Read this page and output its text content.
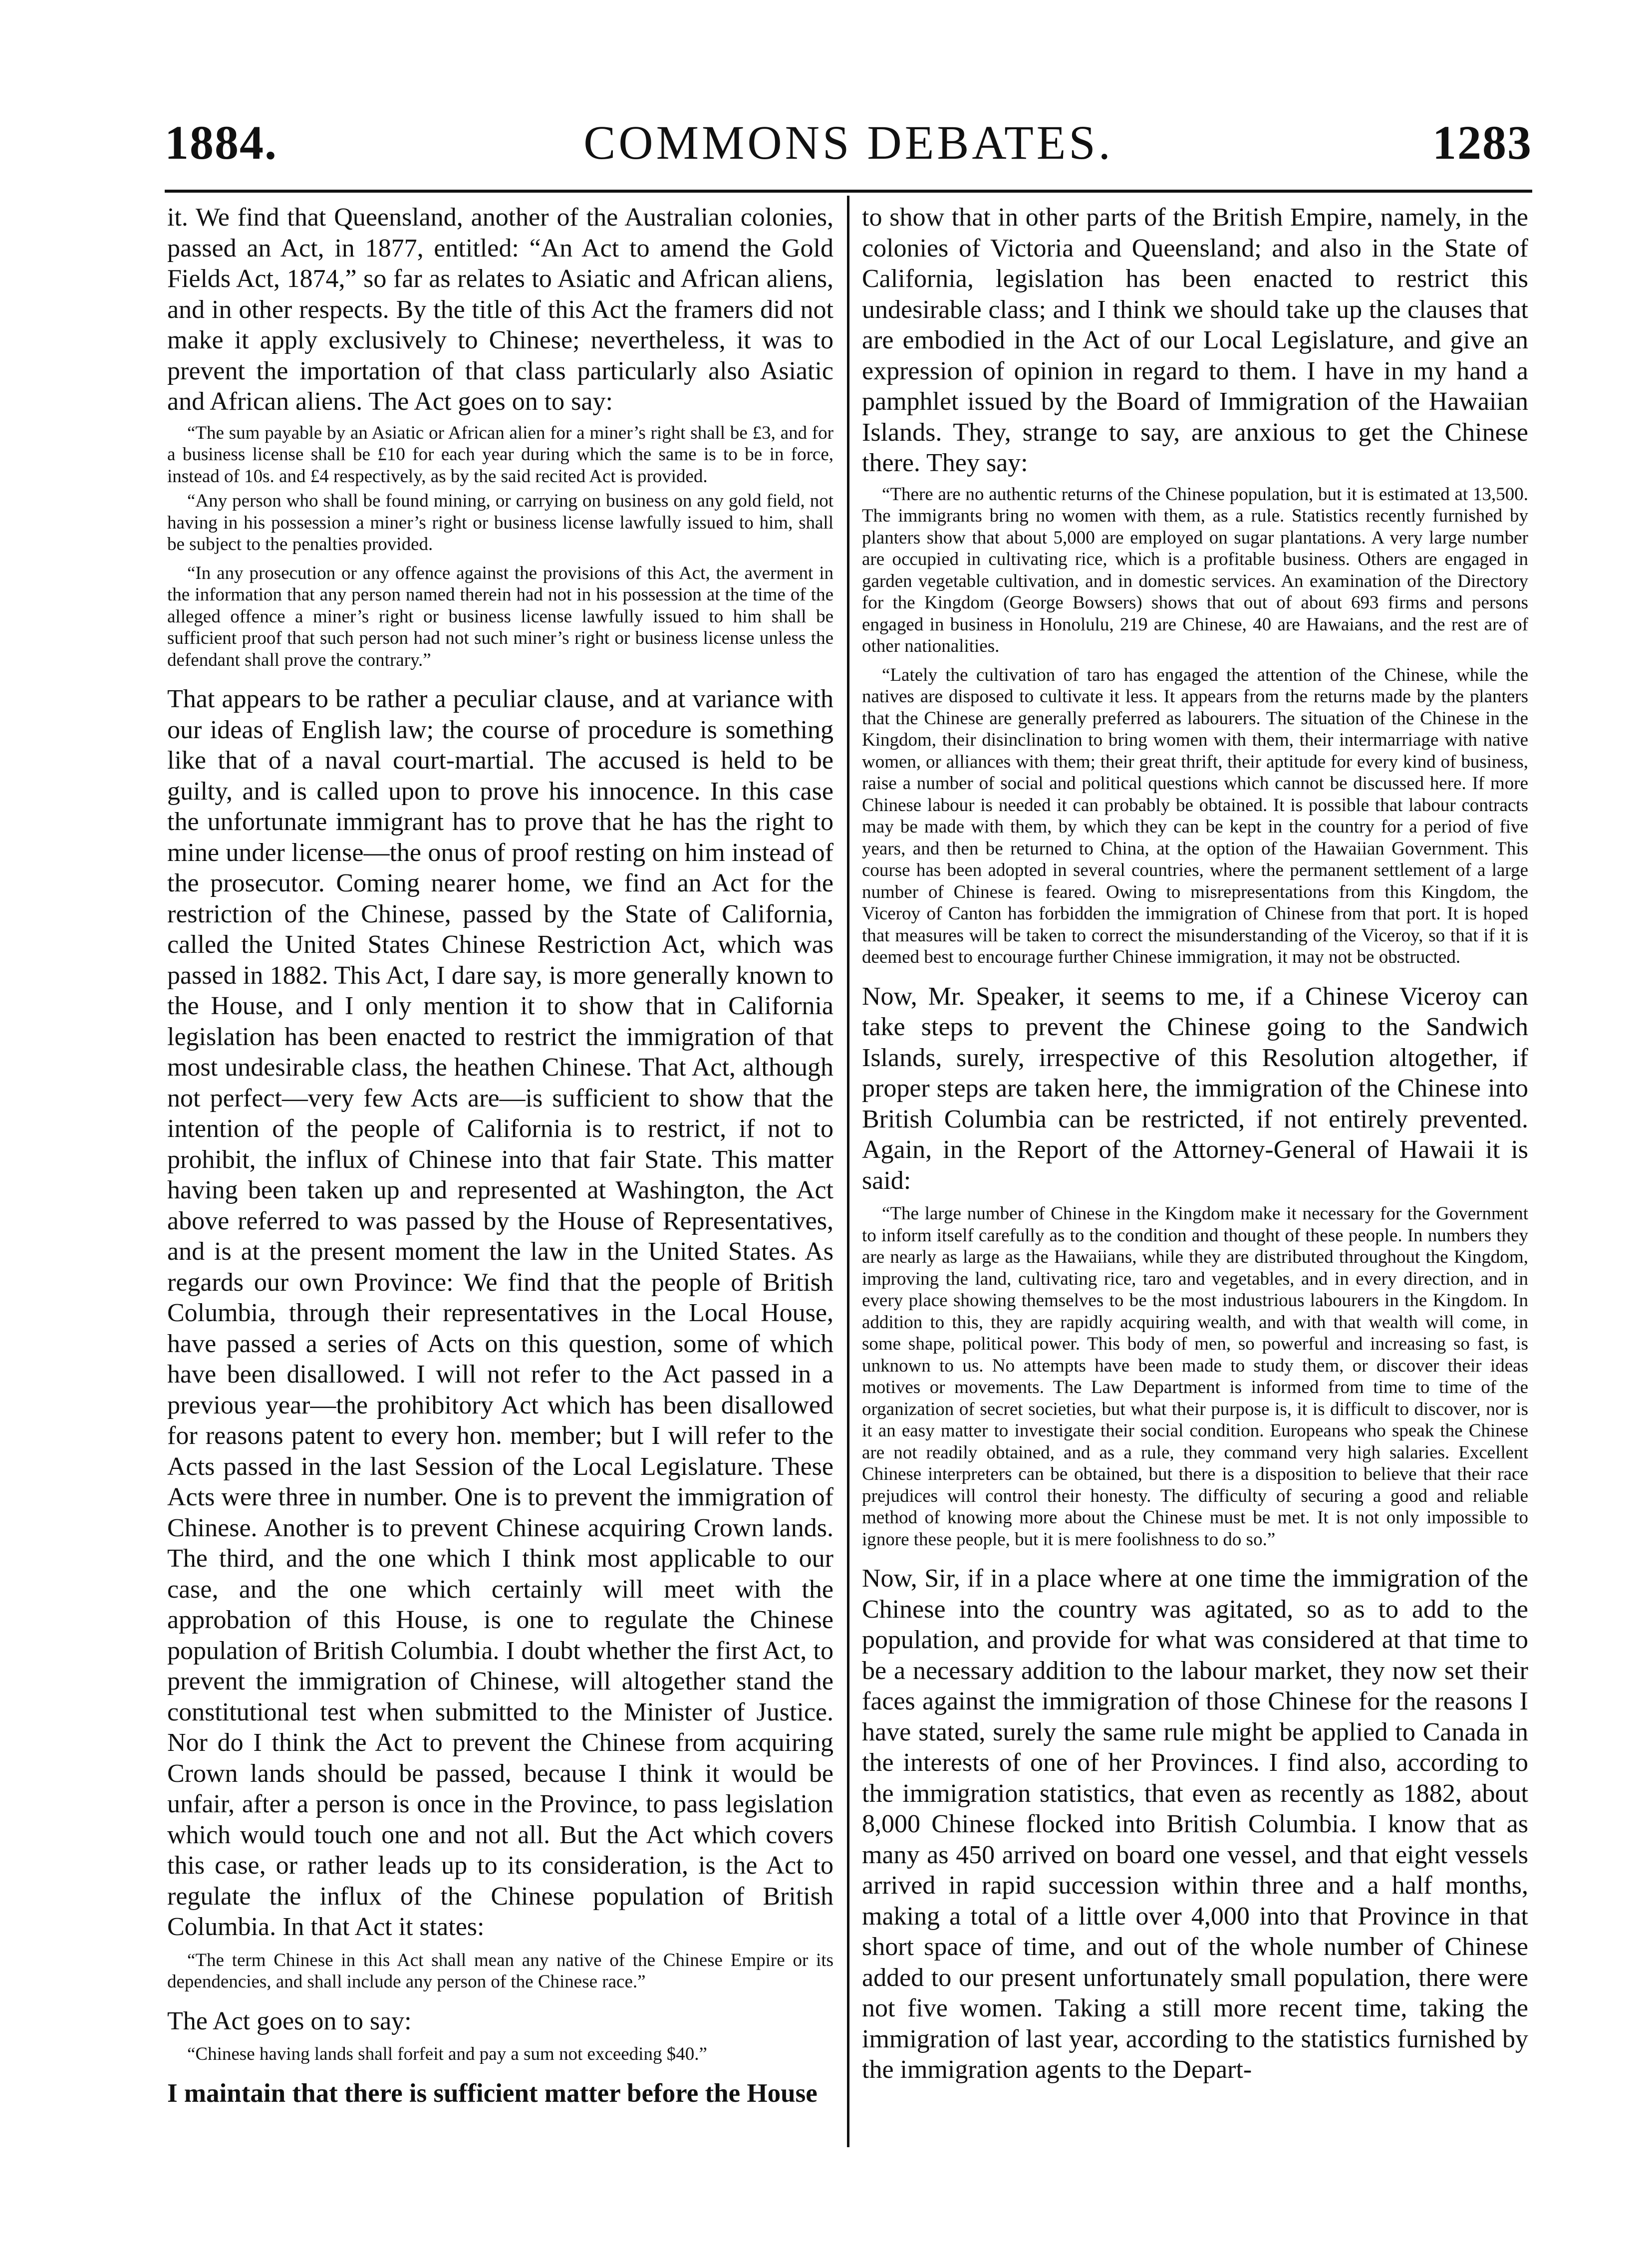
COMMONS DEBATES.
1884.	1283

it. We find that Queensland, another of the Australian colonies, passed an Act, in 1877, entitled: “An Act to amend the Gold Fields Act, 1874,” so far as relates to Asiatic and African aliens, and in other respects. By the title of this Act the framers did not make it apply exclusively to Chinese; nevertheless, it was to prevent the importation of that class particularly also Asiatic and African aliens. The Act goes on to say:

“The sum payable by an Asiatic or African alien for a miner’s right shall be £3, and for a business license shall be £10 for each year during which the same is to be in force, instead of 10s. and £4 respectively, as by the said recited Act is provided.

“Any person who shall be found mining, or carrying on business on any gold field, not having in his possession a miner’s right or business license lawfully issued to him, shall be subject to the penalties provided.

“In any prosecution or any offence against the provisions of this Act, the averment in the information that any person named therein had not in his possession at the time of the alleged offence a miner’s right or business license lawfully issued to him shall be sufficient proof that such person had not such miner’s right or business license unless the defendant shall prove the contrary.”

That appears to be rather a peculiar clause, and at variance with our ideas of English law; the course of procedure is something like that of a naval court-martial. The accused is held to be guilty, and is called upon to prove his innocence. In this case the unfortunate immigrant has to prove that he has the right to mine under license—the onus of proof resting on him instead of the prosecutor. Coming nearer home, we find an Act for the restriction of the Chinese, passed by the State of California, called the United States Chinese Restriction Act, which was passed in 1882. This Act, I dare say, is more generally known to the House, and I only mention it to show that in California legislation has been enacted to restrict the immigration of that most undesirable class, the heathen Chinese. That Act, although not perfect—very few Acts are—is sufficient to show that the intention of the people of California is to restrict, if not to prohibit, the influx of Chinese into that fair State. This matter having been taken up and represented at Washington, the Act above referred to was passed by the House of Representatives, and is at the present moment the law in the United States. As regards our own Province: We find that the people of British Columbia, through their representatives in the Local House, have passed a series of Acts on this question, some of which have been disallowed. I will not refer to the Act passed in a previous year—the prohibitory Act which has been disallowed for reasons patent to every hon. member; but I will refer to the Acts passed in the last Session of the Local Legislature. These Acts were three in number. One is to prevent the immigration of Chinese. Another is to prevent Chinese acquiring Crown lands. The third, and the one which I think most applicable to our case, and the one which certainly will meet with the approbation of this House, is one to regulate the Chinese population of British Columbia. I doubt whether the first Act, to prevent the immigration of Chinese, will altogether stand the constitutional test when submitted to the Minister of Justice. Nor do I think the Act to prevent the Chinese from acquiring Crown lands should be passed, because I think it would be unfair, after a person is once in the Province, to pass legislation which would touch one and not all. But the Act which covers this case, or rather leads up to its consideration, is the Act to regulate the influx of the Chinese population of British Columbia. In that Act it states:

“The term Chinese in this Act shall mean any native of the Chinese Empire or its dependencies, and shall include any person of the Chinese race.”

The Act goes on to say:

“Chinese having lands shall forfeit and pay a sum not exceeding $40.”

I maintain that there is sufficient matter before the House

to show that in other parts of the British Empire, namely, in the colonies of Victoria and Queensland; and also in the State of California, legislation has been enacted to restrict this undesirable class; and I think we should take up the clauses that are embodied in the Act of our Local Legislature, and give an expression of opinion in regard to them. I have in my hand a pamphlet issued by the Board of Immigration of the Hawaiian Islands. They, strange to say, are anxious to get the Chinese there. They say:

“There are no authentic returns of the Chinese population, but it is estimated at 13,500. The immigrants bring no women with them, as a rule. Statistics recently furnished by planters show that about 5,000 are employed on sugar plantations. A very large number are occupied in cultivating rice, which is a profitable business. Others are engaged in garden vegetable cultivation, and in domestic services. An examination of the Directory for the Kingdom (George Bowsers) shows that out of about 693 firms and persons engaged in business in Honolulu, 219 are Chinese, 40 are Hawaians, and the rest are of other nationalities.

“Lately the cultivation of taro has engaged the attention of the Chinese, while the natives are disposed to cultivate it less. It appears from the returns made by the planters that the Chinese are generally preferred as labourers. The situation of the Chinese in the Kingdom, their disinclination to bring women with them, their intermarriage with native women, or alliances with them; their great thrift, their aptitude for every kind of business, raise a number of social and political questions which cannot be discussed here. If more Chinese labour is needed it can probably be obtained. It is possible that labour contracts may be made with them, by which they can be kept in the country for a period of five years, and then be returned to China, at the option of the Hawaiian Government. This course has been adopted in several countries, where the permanent settlement of a large number of Chinese is feared. Owing to misrepresentations from this Kingdom, the Viceroy of Canton has forbidden the immigration of Chinese from that port. It is hoped that measures will be taken to correct the misunderstanding of the Viceroy, so that if it is deemed best to encourage further Chinese immigration, it may not be obstructed.

Now, Mr. Speaker, it seems to me, if a Chinese Viceroy can take steps to prevent the Chinese going to the Sandwich Islands, surely, irrespective of this Resolution altogether, if proper steps are taken here, the immigration of the Chinese into British Columbia can be restricted, if not entirely prevented. Again, in the Report of the Attorney-General of Hawaii it is said:

“The large number of Chinese in the Kingdom make it necessary for the Government to inform itself carefully as to the condition and thought of these people. In numbers they are nearly as large as the Hawaiians, while they are distributed throughout the Kingdom, improving the land, cultivating rice, taro and vegetables, and in every direction, and in every place showing themselves to be the most industrious labourers in the Kingdom. In addition to this, they are rapidly acquiring wealth, and with that wealth will come, in some shape, political power. This body of men, so powerful and increasing so fast, is unknown to us. No attempts have been made to study them, or discover their ideas motives or movements. The Law Department is informed from time to time of the organization of secret societies, but what their purpose is, it is difficult to discover, nor is it an easy matter to investigate their social condition. Europeans who speak the Chinese are not readily obtained, and as a rule, they command very high salaries. Excellent Chinese interpreters can be obtained, but there is a disposition to believe that their race prejudices will control their honesty. The difficulty of securing a good and reliable method of knowing more about the Chinese must be met. It is not only impossible to ignore these people, but it is mere foolishness to do so.”

Now, Sir, if in a place where at one time the immigration of the Chinese into the country was agitated, so as to add to the population, and provide for what was considered at that time to be a necessary addition to the labour market, they now set their faces against the immigration of those Chinese for the reasons I have stated, surely the same rule might be applied to Canada in the interests of one of her Provinces. I find also, according to the immigration statistics, that even as recently as 1882, about 8,000 Chinese flocked into British Columbia. I know that as many as 450 arrived on board one vessel, and that eight vessels arrived in rapid succession within three and a half months, making a total of a little over 4,000 into that Province in that short space of time, and out of the whole number of Chinese added to our present unfortunately small population, there were not five women. Taking a still more recent time, taking the immigration of last year, according to the statistics furnished by the immigration agents to the Depart-
